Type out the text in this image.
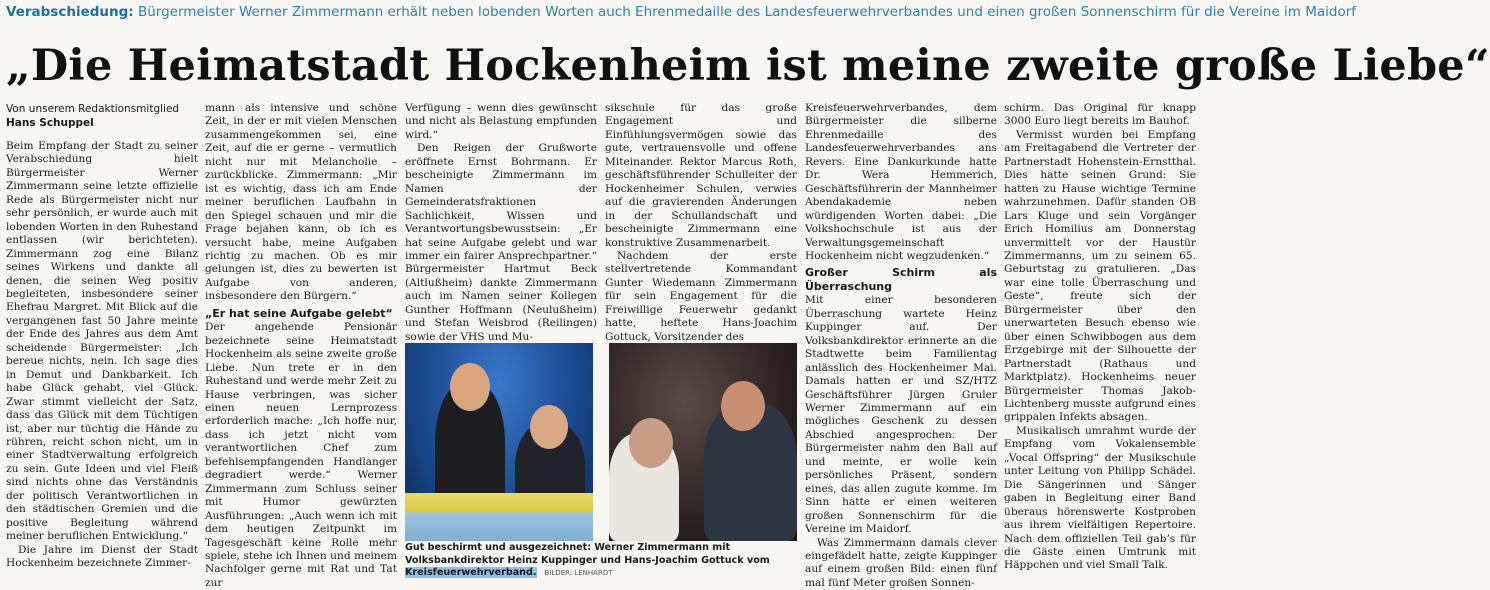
Verabschiedung: Bürgermeister Werner Zimmermann erhält neben lobenden Worten auch Ehrenmedaille des Landesfeuerwehrverbandes und einen großen Sonnenschirm für die Vereine im Maidorf
„Die Heimatstadt Hockenheim ist meine zweite große Liebe“
Von unserem Redaktionsmitglied
Hans Schuppel

Beim Empfang der Stadt zu seiner Verabschiedung hielt Bürgermeister Werner Zimmermann seine letzte offizielle Rede als Bürgermeister nicht nur sehr persönlich, er wurde auch mit lobenden Worten in den Ruhestand entlassen (wir berichteten). Zimmermann zog eine Bilanz seines Wirkens und dankte all denen, die seinen Weg positiv begleiteten, insbesondere seiner Ehefrau Margret. Mit Blick auf die vergangenen fast 50 Jahre meinte der Ende des Jahres aus dem Amt scheidende Bürgermeister: „Ich bereue nichts, nein. Ich sage dies in Demut und Dankbarkeit. Ich habe Glück gehabt, viel Glück. Zwar stimmt vielleicht der Satz, dass das Glück mit dem Tüchtigen ist, aber nur tüchtig die Hände zu rühren, reicht schon nicht, um in einer Stadtverwaltung erfolgreich zu sein. Gute Ideen und viel Fleiß sind nichts ohne das Verständnis der politisch Verantwortlichen in den städtischen Gremien und die positive Begleitung während meiner beruflichen Entwicklung.“

Die Jahre im Dienst der Stadt Hockenheim bezeichnete Zimmer-

mann als intensive und schöne Zeit, in der er mit vielen Menschen zusammengekommen sei, eine Zeit, auf die er gerne – vermutlich nicht nur mit Melancholie – zurückblicke. Zimmermann: „Mir ist es wichtig, dass ich am Ende meiner beruflichen Laufbahn in den Spiegel schauen und mir die Frage bejahen kann, ob ich es versucht habe, meine Aufgaben richtig zu machen. Ob es mir gelungen ist, dies zu bewerten ist Aufgabe von anderen, insbesondere den Bürgern.“

„Er hat seine Aufgabe gelebt“

Der angehende Pensionär bezeichnete seine Heimatstadt Hockenheim als seine zweite große Liebe. Nun trete er in den Ruhestand und werde mehr Zeit zu Hause verbringen, was sicher einen neuen Lernprozess erforderlich mache: „Ich hoffe nur, dass ich jetzt nicht vom verantwortlichen Chef zum befehlsempfangenden Handlanger degradiert werde.“ Werner Zimmermann zum Schluss seiner mit Humor gewürzten Ausführungen: „Auch wenn ich mit dem heutigen Zeitpunkt im Tagesgeschäft keine Rolle mehr spiele, stehe ich Ihnen und meinem Nachfolger gerne mit Rat und Tat zur

Verfügung – wenn dies gewünscht und nicht als Belastung empfunden wird.“

Den Reigen der Grußworte eröffnete Ernst Bohrmann. Er bescheinigte Zimmermann im Namen der Gemeinderatsfraktionen Sachlichkeit, Wissen und Verantwortungsbewusstsein: „Er hat seine Aufgabe gelebt und war immer ein fairer Ansprechpartner.“ Bürgermeister Hartmut Beck (Altlußheim) dankte Zimmermann auch im Namen seiner Kollegen Gunther Hoffmann (Neulußheim) und Stefan Weisbrod (Reilingen) sowie der VHS und Mu-

sikschule für das große Engagement und Einfühlungsvermögen sowie das gute, vertrauensvolle und offene Miteinander. Rektor Marcus Roth, geschäftsführender Schulleiter der Hockenheimer Schulen, verwies auf die gravierenden Änderungen in der Schullandschaft und bescheinigte Zimmermann eine konstruktive Zusammenarbeit.

Nachdem der erste stellvertretende Kommandant Gunter Wiedemann Zimmermann für sein Engagement für die Freiwillige Feuerwehr gedankt hatte, heftete Hans-Joachim Gottuck, Vorsitzender des

Kreisfeuerwehrverbandes, dem Bürgermeister die silberne Ehrenmedaille des Landesfeuerwehrverbandes ans Revers. Eine Dankurkunde hatte Dr. Wera Hemmerich, Geschäftsführerin der Mannheimer Abendakademie neben würdigenden Worten dabei: „Die Volkshochschule ist aus der Verwaltungsgemeinschaft Hockenheim nicht wegzudenken.“

Großer Schirm als Überraschung

Mit einer besonderen Überraschung wartete Heinz Kuppinger auf. Der Volksbankdirektor erinnerte an die Stadtwette beim Familientag anlässlich des Hockenheimer Mai. Damals hatten er und SZ/HTZ Geschäftsführer Jürgen Gruler Werner Zimmermann auf ein mögliches Geschenk zu dessen Abschied angesprochen. Der Bürgermeister nahm den Ball auf und meinte, er wolle kein persönliches Präsent, sondern eines, das allen zugute komme. Im Sinn hatte er einen weiteren großen Sonnenschirm für die Vereine im Maidorf.

Was Zimmermann damals clever eingefädelt hatte, zeigte Kuppinger auf einem großen Bild: einen fünf mal fünf Meter großen Sonnen-

schirm. Das Original für knapp 3000 Euro liegt bereits im Bauhof.

Vermisst wurden bei Empfang am Freitagabend die Vertreter der Partnerstadt Hohenstein-Ernstthal. Dies hatte seinen Grund: Sie hatten zu Hause wichtige Termine wahrzunehmen. Dafür standen OB Lars Kluge und sein Vorgänger Erich Homilius am Donnerstag unvermittelt vor der Haustür Zimmermanns, um zu seinem 65. Geburtstag zu gratulieren. „Das war eine tolle Überraschung und Geste“, freute sich der Bürgermeister über den unerwarteten Besuch ebenso wie über einen Schwibbogen aus dem Erzgebirge mit der Silhouette der Partnerstadt (Rathaus und Marktplatz). Hockenheims neuer Bürgermeister Thomas Jakob-Lichtenberg musste aufgrund eines grippalen Infekts absagen.

Musikalisch umrahmt wurde der Empfang vom Vokalensemble „Vocal Offspring“ der Musikschule unter Leitung von Philipp Schädel. Die Sängerinnen und Sänger gaben in Begleitung einer Band überaus hörenswerte Kostproben aus ihrem vielfältigen Repertoire. Nach dem offiziellen Teil gab’s für die Gäste einen Umtrunk mit Häppchen und viel Small Talk.

Gut beschirmt und ausgezeichnet: Werner Zimmermann mit Volksbankdirektor Heinz Kuppinger und Hans-Joachim Gottuck vom Kreisfeuerwehrverband. BILDER: LENHARDT
